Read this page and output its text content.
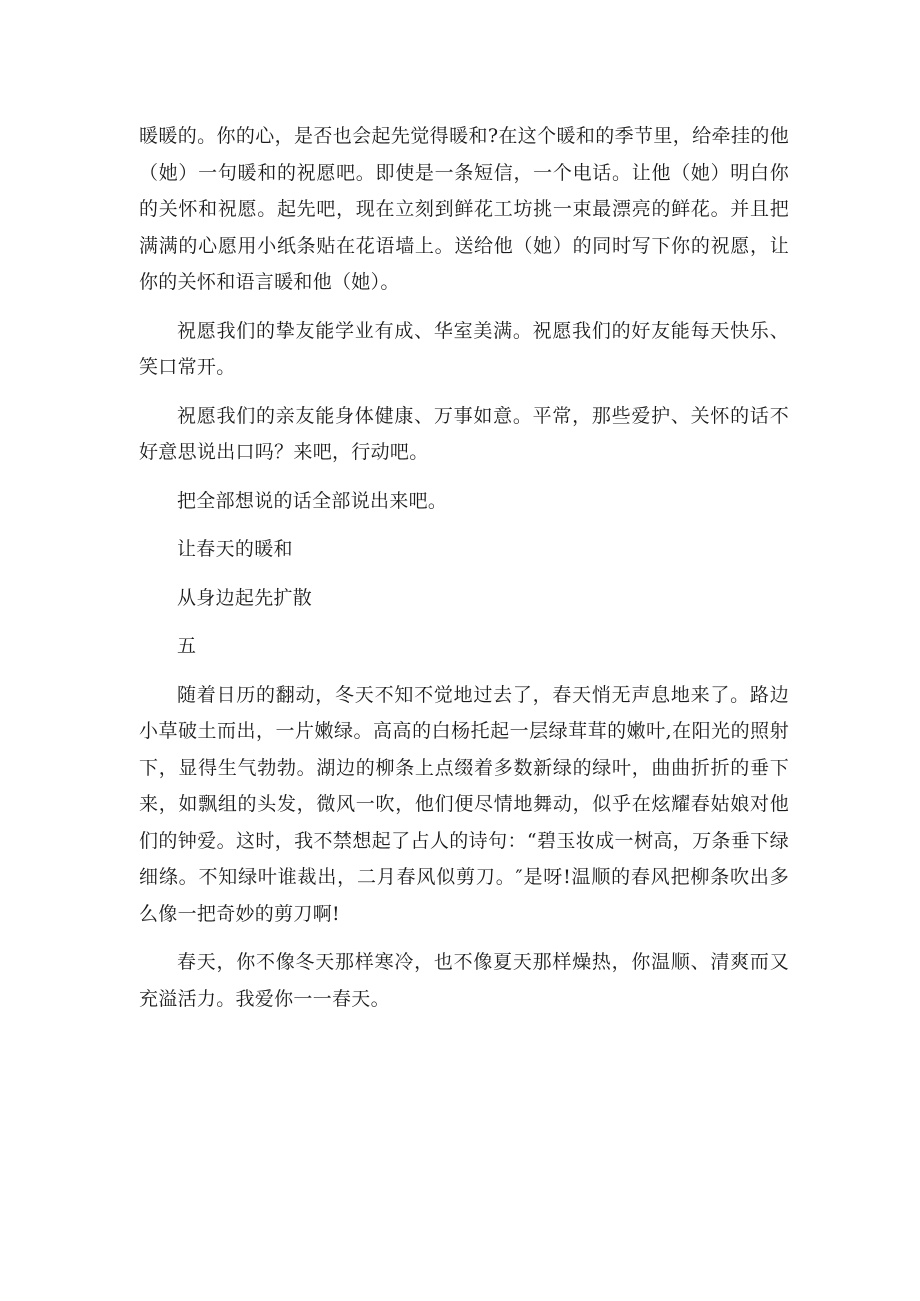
暖暖的。你的心，是否也会起先觉得暖和?在这个暖和的季节里，给牵挂的他（她）一句暖和的祝愿吧。即使是一条短信，一个电话。让他（她）明白你的关怀和祝愿。起先吧，现在立刻到鲜花工坊挑一束最漂亮的鲜花。并且把满满的心愿用小纸条贴在花语墙上。送给他（她）的同时写下你的祝愿，让你的关怀和语言暖和他（她）。

祝愿我们的挚友能学业有成、华室美满。祝愿我们的好友能每天快乐、笑口常开。

祝愿我们的亲友能身体健康、万事如意。平常，那些爱护、关怀的话不好意思说出口吗？来吧，行动吧。

把全部想说的话全部说出来吧。

让春天的暖和

从身边起先扩散

五

随着日历的翻动，冬天不知不觉地过去了，春天悄无声息地来了。路边小草破土而出，一片嫩绿。高高的白杨托起一层绿茸茸的嫩叶,在阳光的照射下，显得生气勃勃。湖边的柳条上点缀着多数新绿的绿叶，曲曲折折的垂下来，如飘组的头发，微风一吹，他们便尽情地舞动，似乎在炫耀春姑娘对他们的钟爱。这时，我不禁想起了占人的诗句：“碧玉妆成一树高，万条垂下绿细绦。不知绿叶谁裁出，二月春风似剪刀。″是呀!温顺的春风把柳条吹出多么像一把奇妙的剪刀啊!

春天，你不像冬天那样寒冷，也不像夏天那样燥热，你温顺、清爽而又充溢活力。我爱你一一春天。
